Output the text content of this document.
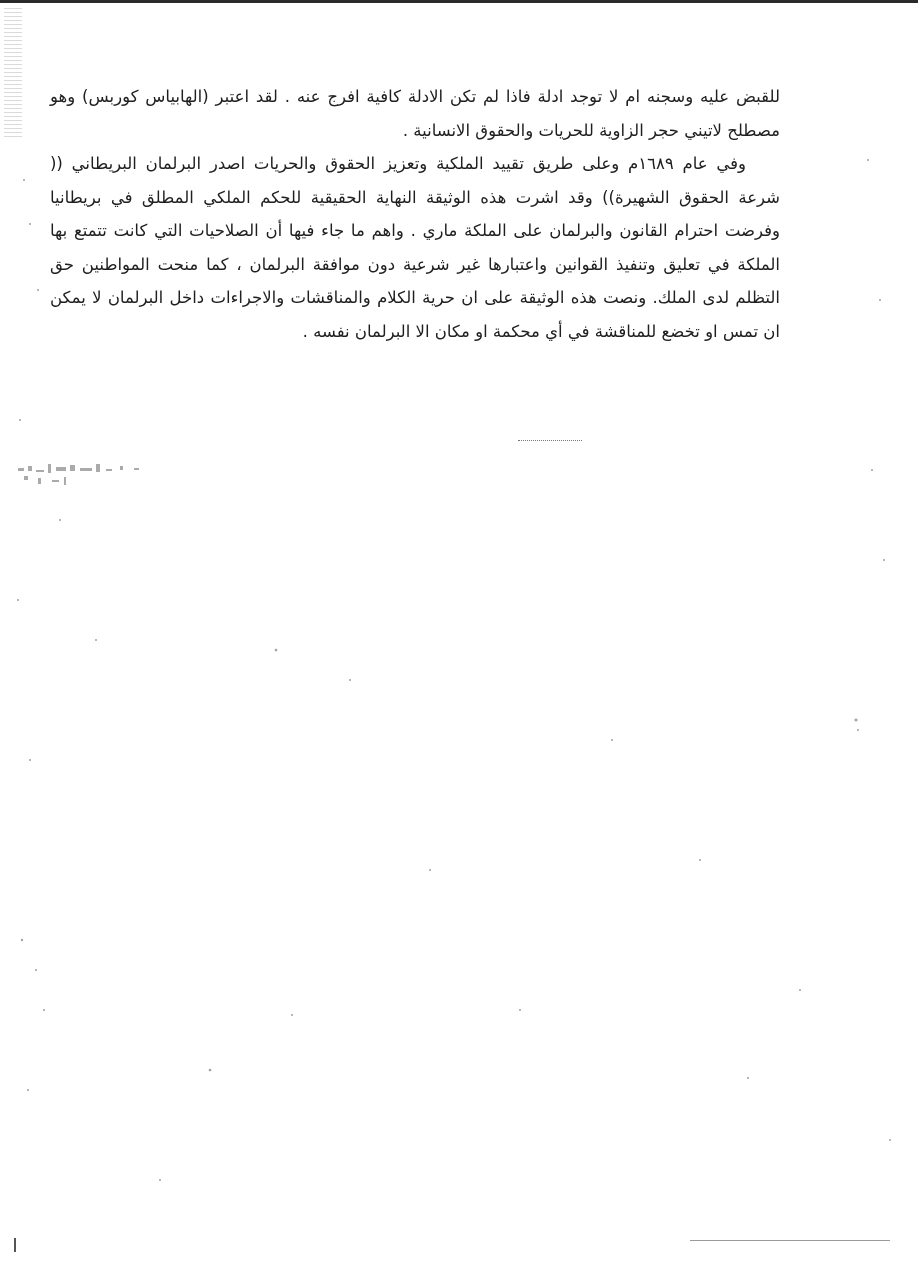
للقبض عليه وسجنه ام لا توجد ادلة فاذا لم تكن الادلة كافية افرج عنه . لقد اعتبر (الهابياس كوربس) وهو مصطلح لاتيني حجر الزاوية للحريات والحقوق الانسانية .

وفي عام ١٦٨٩م وعلى طريق تقييد الملكية وتعزيز الحقوق والحريات اصدر البرلمان البريطاني (( شرعة الحقوق الشهيرة)) وقد اشرت هذه الوثيقة النهاية الحقيقية للحكم الملكي المطلق في بريطانيا وفرضت احترام القانون والبرلمان على الملكة ماري . واهم ما جاء فيها أن الصلاحيات التي كانت تتمتع بها الملكة في تعليق وتنفيذ القوانين واعتبارها غير شرعية دون موافقة البرلمان ، كما منحت المواطنين حق التظلم لدى الملك. ونصت هذه الوثيقة على ان حرية الكلام والمناقشات والاجراءات داخل البرلمان لا يمكن ان تمس او تخضع للمناقشة في أي محكمة او مكان الا البرلمان نفسه .
